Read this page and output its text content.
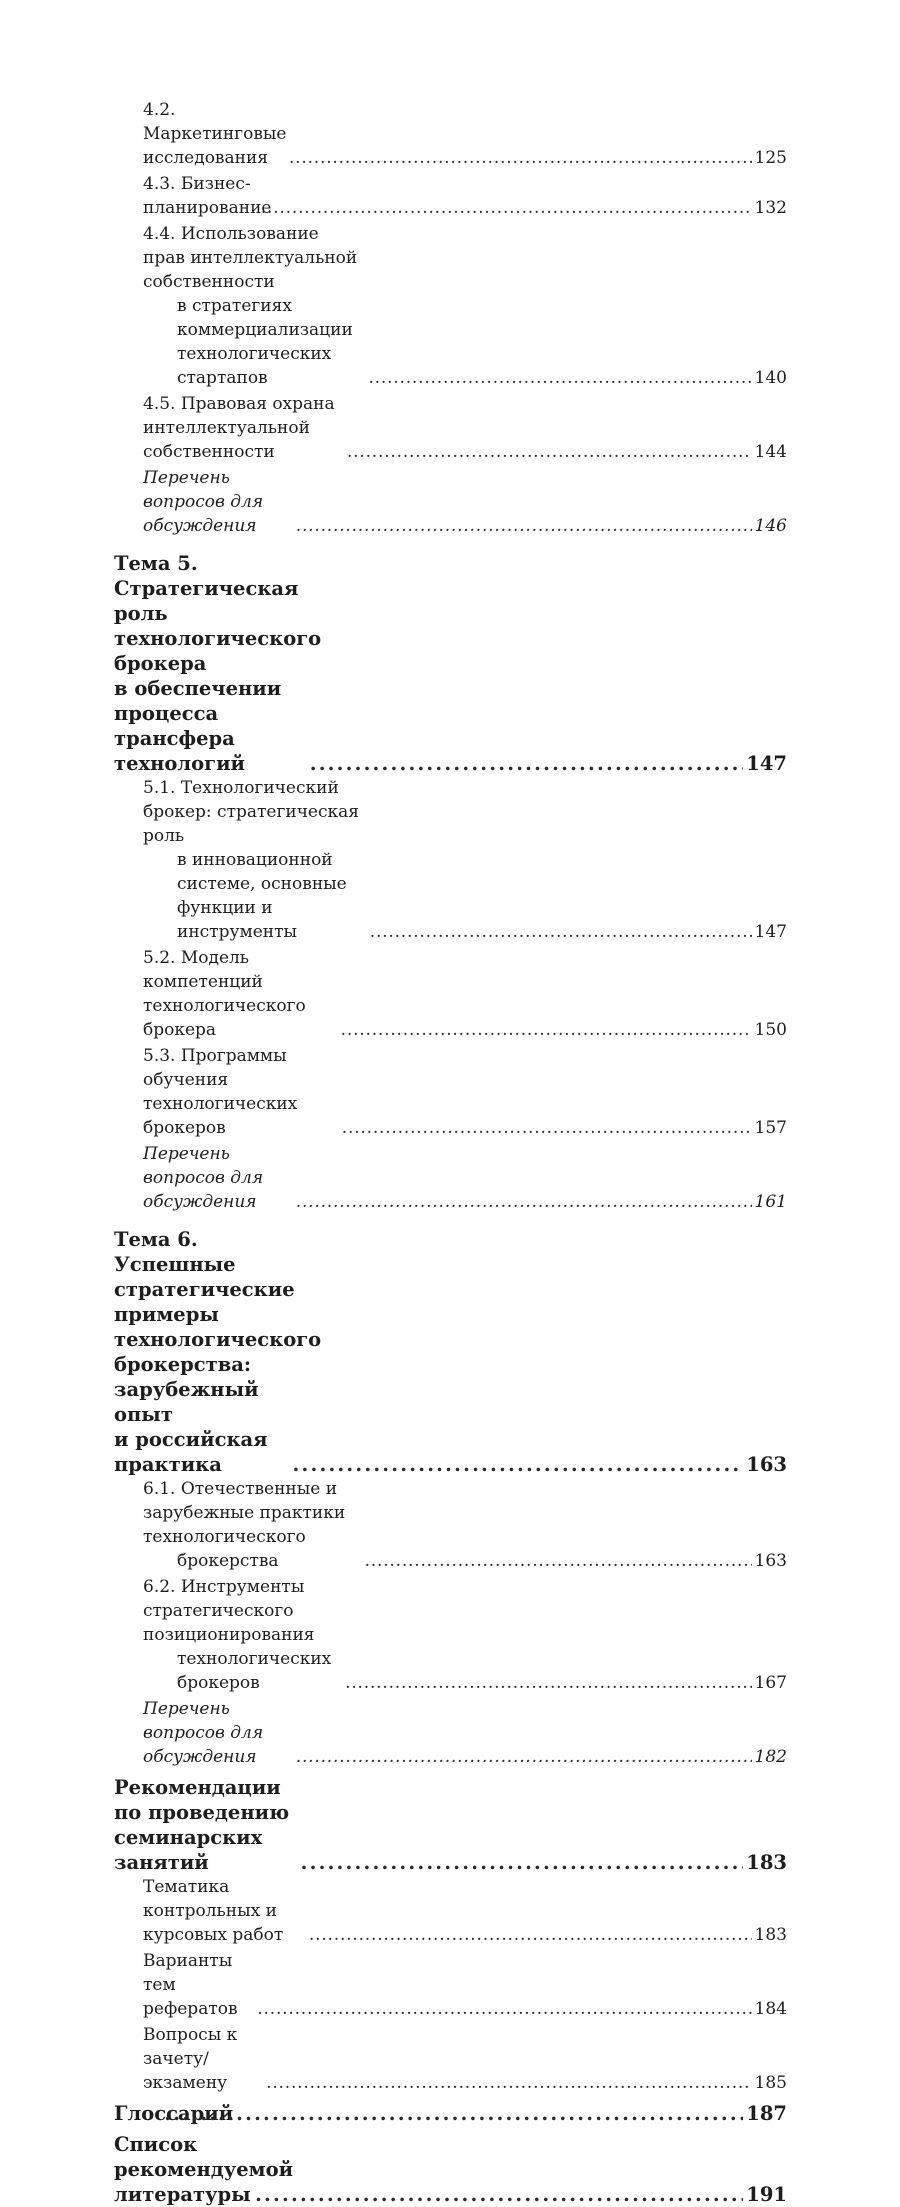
4.2. Маркетинговые исследования . . .	125
4.3. Бизнес-планирование . . .	132
4.4. Использование прав интеллектуальной собственности
в стратегиях коммерциализации технологических стартапов . . .	140
4.5. Правовая охрана интеллектуальной собственности . . .	144
Перечень вопросов для обсуждения . . .	146
Тема 5. Стратегическая роль технологического брокера
в обеспечении процесса трансфера технологий . . .	147
5.1. Технологический брокер: стратегическая роль
в инновационной системе, основные функции и инструменты . . .	147
5.2. Модель компетенций технологического брокера . . .	150
5.3. Программы обучения технологических брокеров . . .	157
Перечень вопросов для обсуждения . . .	161
Тема 6. Успешные стратегические примеры
технологического брокерства: зарубежный опыт
и российская практика . . .	163
6.1. Отечественные и зарубежные практики технологического
брокерства . . .	163
6.2. Инструменты стратегического позиционирования
технологических брокеров . . .	167
Перечень вопросов для обсуждения . . .	182
Рекомендации по проведению семинарских занятий . . .	183
Тематика контрольных и курсовых работ . . .	183
Варианты тем рефератов . . .	184
Вопросы к зачету/экзамену . . .	185
Глоссарий . . .	187
Список рекомендуемой литературы . . .	191
